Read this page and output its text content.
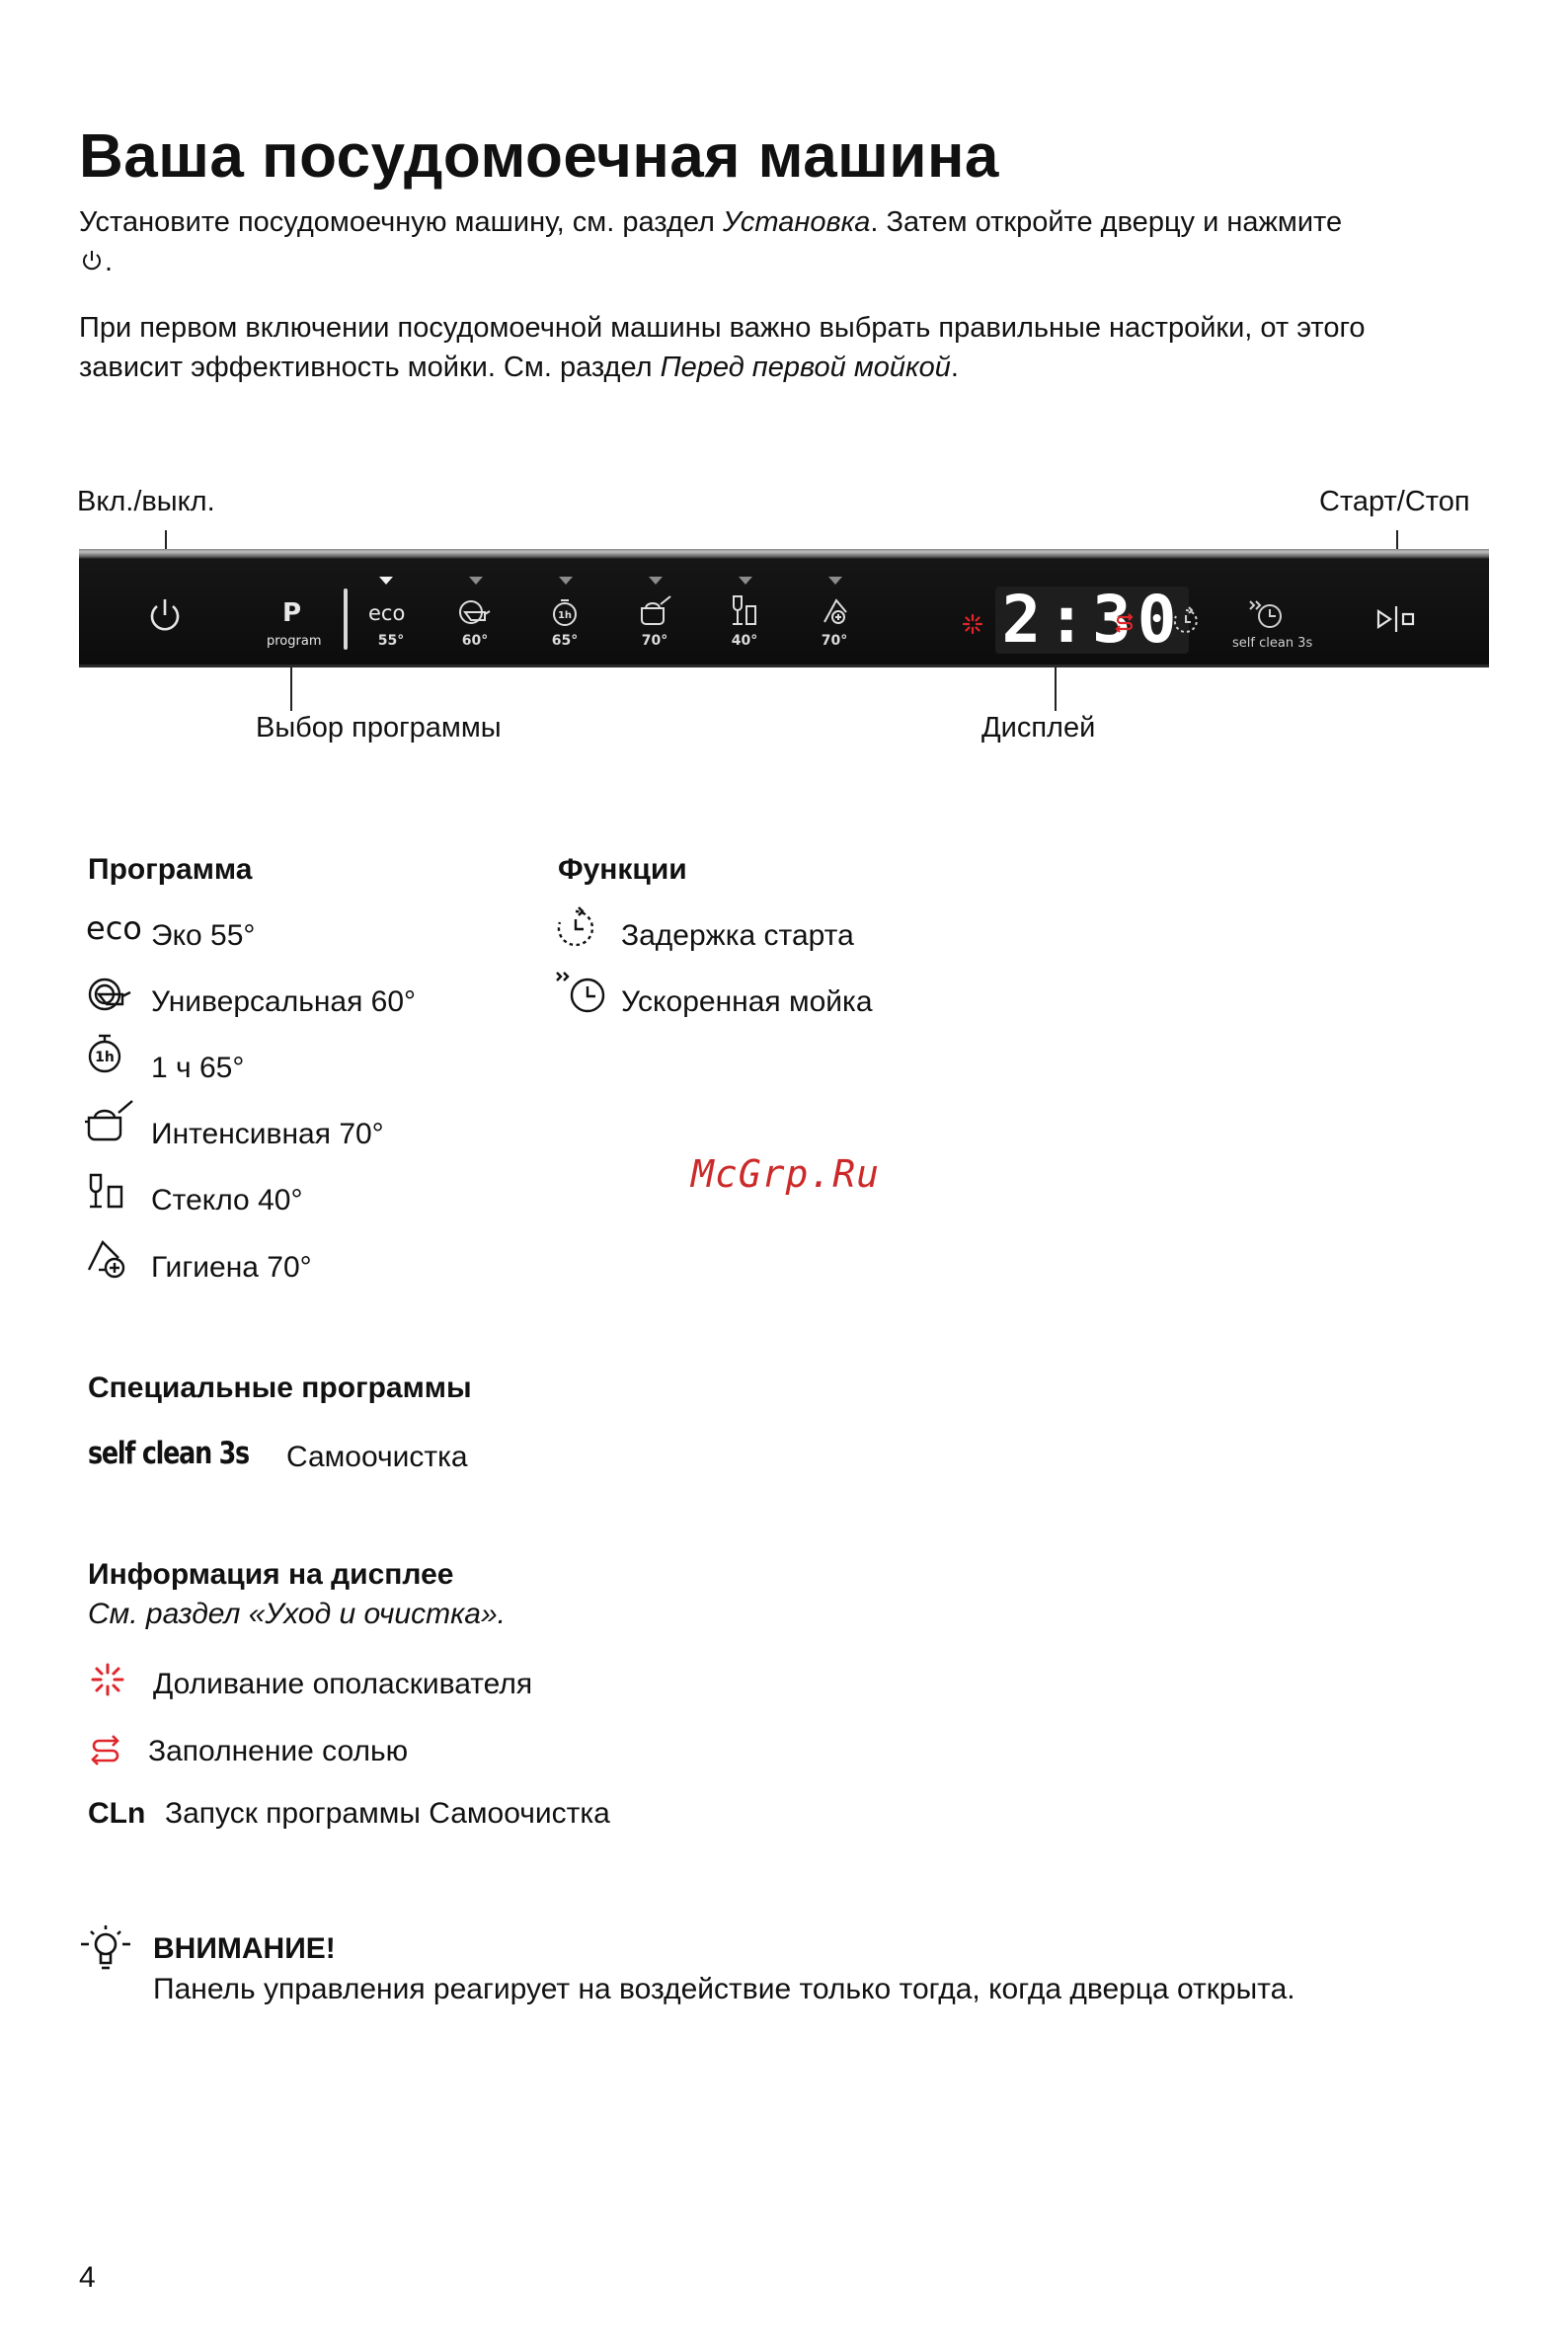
Ваша посудомоечная машина

Установите посудомоечную машину, см. раздел Установка. Затем откройте дверцу и нажмите
.

При первом включении посудомоечной машины важно выбрать правильные настройки, от этого
зависит эффективность мойки. См. раздел Перед первой мойкой.

Вкл./выкл.	Старт/Стоп
Выбор программы	Дисплей
P
program
eco	1h
55°	60°	65°	70°	40°	70° 2:30	self clean 3s
Программа
eco Эко 55°
Универсальная 60°
1h 1 ч 65°
Интенсивная 70°
Стекло 40°
Гигиена 70°
Функции
Задержка старта
Ускоренная мойка
McGrp.Ru
Специальные программы
self clean 3s Самоочистка
Информация на дисплее
См. раздел «Уход и очистка».
Доливание ополаскивателя
Заполнение солью
CLn Запуск программы Самоочистка
ВНИМАНИЕ!
Панель управления реагирует на воздействие только тогда, когда дверца открыта.
4
